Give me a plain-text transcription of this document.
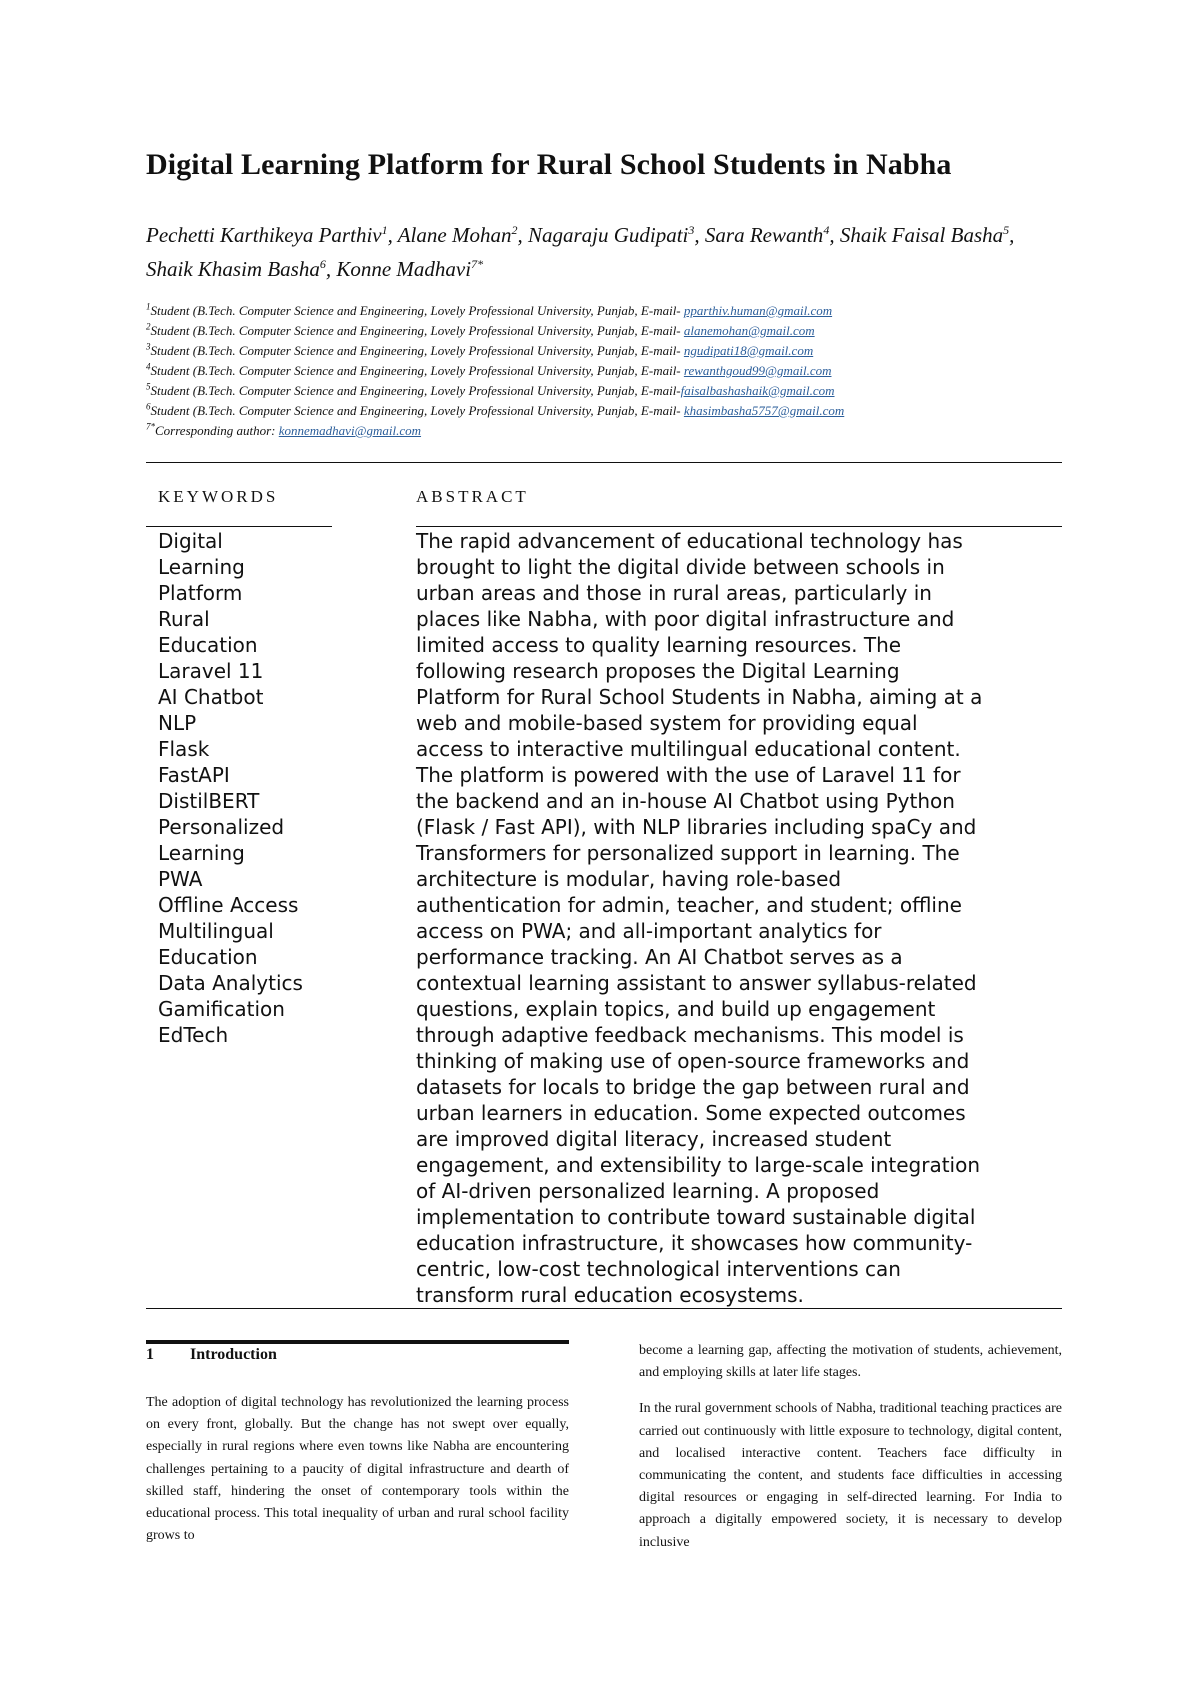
Digital Learning Platform for Rural School Students in Nabha
Pechetti Karthikeya Parthiv$^1$, Alane Mohan$^2$, Nagaraju Gudipati$^3$, Sara Rewanth$^4$, Shaik Faisal Basha$^5$, Shaik Khasim Basha$^6$, Konne Madhavi$^{7*}$
$^1$Student (B.Tech. Computer Science and Engineering, Lovely Professional University, Punjab, E-mail- pparthiv.human@gmail.com
$^2$Student (B.Tech. Computer Science and Engineering, Lovely Professional University, Punjab, E-mail- alanemohan@gmail.com
$^3$Student (B.Tech. Computer Science and Engineering, Lovely Professional University, Punjab, E-mail- ngudipati18@gmail.com
$^4$Student (B.Tech. Computer Science and Engineering, Lovely Professional University, Punjab, E-mail- rewanthgoud99@gmail.com
$^5$Student (B.Tech. Computer Science and Engineering, Lovely Professional University, Punjab, E-mail-faisalbashashaik@gmail.com
$^6$Student (B.Tech. Computer Science and Engineering, Lovely Professional University, Punjab, E-mail- khasimbasha5757@gmail.com
$^{7*}$Corresponding author: konnemadhavi@gmail.com
KEYWORDS	ABSTRACT
Digital
Learning
Platform
Rural
Education
Laravel 11
AI Chatbot
NLP
Flask
FastAPI
DistilBERT
Personalized
Learning
PWA
Offline Access
Multilingual
Education
Data Analytics
Gamification
EdTech
The rapid advancement of educational technology has
brought to light the digital divide between schools in
urban areas and those in rural areas, particularly in
places like Nabha, with poor digital infrastructure and
limited access to quality learning resources. The
following research proposes the Digital Learning
Platform for Rural School Students in Nabha, aiming at a
web and mobile-based system for providing equal
access to interactive multilingual educational content.
The platform is powered with the use of Laravel 11 for
the backend and an in-house AI Chatbot using Python
(Flask / Fast API), with NLP libraries including spaCy and
Transformers for personalized support in learning. The
architecture is modular, having role-based
authentication for admin, teacher, and student; offline
access on PWA; and all-important analytics for
performance tracking. An AI Chatbot serves as a
contextual learning assistant to answer syllabus-related
questions, explain topics, and build up engagement
through adaptive feedback mechanisms. This model is
thinking of making use of open-source frameworks and
datasets for locals to bridge the gap between rural and
urban learners in education. Some expected outcomes
are improved digital literacy, increased student
engagement, and extensibility to large-scale integration
of AI-driven personalized learning. A proposed
implementation to contribute toward sustainable digital
education infrastructure, it showcases how community-
centric, low-cost technological interventions can
transform rural education ecosystems.
1 Introduction

The adoption of digital technology has revolutionized the learning process on every front, globally. But the change has not swept over equally, especially in rural regions where even towns like Nabha are encountering challenges pertaining to a paucity of digital infrastructure and dearth of skilled staff, hindering the onset of contemporary tools within the educational process. This total inequality of urban and rural school facility grows to

become a learning gap, affecting the motivation of students, achievement, and employing skills at later life stages.

In the rural government schools of Nabha, traditional teaching practices are carried out continuously with little exposure to technology, digital content, and localised interactive content. Teachers face difficulty in communicating the content, and students face difficulties in accessing digital resources or engaging in self-directed learning. For India to approach a digitally empowered society, it is necessary to develop inclusive
